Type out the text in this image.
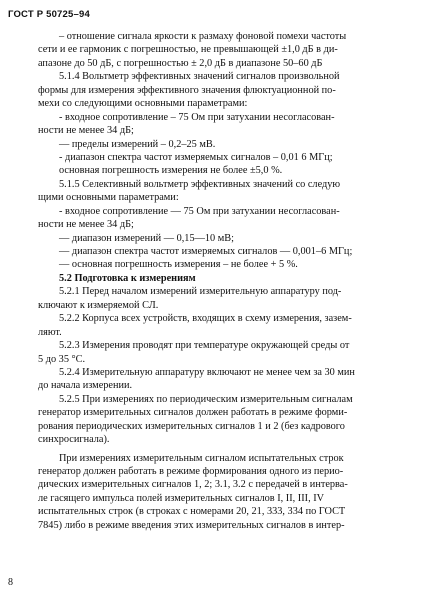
ГОСТ Р 50725–94
– отношение сигнала яркости к размаху фоновой помехи частоты
сети и ее гармоник с погрешностью, не превышающей ±1,0 дБ в ди-
апазоне до 50 дБ, с погрешностью ± 2,0 дБ в диапазоне 50–60 дБ
5.1.4 Вольтметр эффективных значений сигналов произвольной
формы для измерения эффективного значения флюктуационной по-
мехи со следующими основными параметрами:
- входное сопротивление – 75 Ом при затухании несогласован-
ности не менее 34 дБ;
— пределы измерений – 0,2–25 мВ.
- диапазон спектра частот измеряемых сигналов – 0,01 6 МГц;
основная погрешность измерения не более ±5,0 %.
5.1.5 Селективный вольтметр эффективных значений со следую
щими основными параметрами:
- входное сопротивление — 75 Ом при затухании несогласован-
ности не менее 34 дБ;
— диапазон измерений — 0,15—10 мВ;
— диапазон спектра частот измеряемых сигналов — 0,001–6 МГц;
— основная погрешность измерения – не более + 5 %.
5.2 Подготовка к измерениям
5.2.1 Перед началом измерений измерительную аппаратуру под-
ключают к измеряемой СЛ.
5.2.2 Корпуса всех устройств, входящих в схему измерения, зазем-
ляют.
5.2.3 Измерения проводят при температуре окружающей среды от
5 до 35 °С.
5.2.4 Измерительную аппаратуру включают не менее чем за 30 мин
до начала измерении.
5.2.5 При измерениях по периодическим измерительным сигналам
генератор измерительных сигналов должен работать в режиме форми-
рования периодических измерительных сигналов 1 и 2 (без кадрового
синхросигнала).
При измерениях измерительным сигналом испытательных строк
генератор должен работать в режиме формирования одного из перио-
дических измерительных сигналов 1, 2; 3.1, 3.2 с передачей в интерва-
ле гасящего импульса полей измерительных сигналов I, II, III, IV
испытательных строк (в строках с номерами 20, 21, 333, 334 по ГОСТ
7845) либо в режиме введения этих измерительных сигналов в интер-
8
